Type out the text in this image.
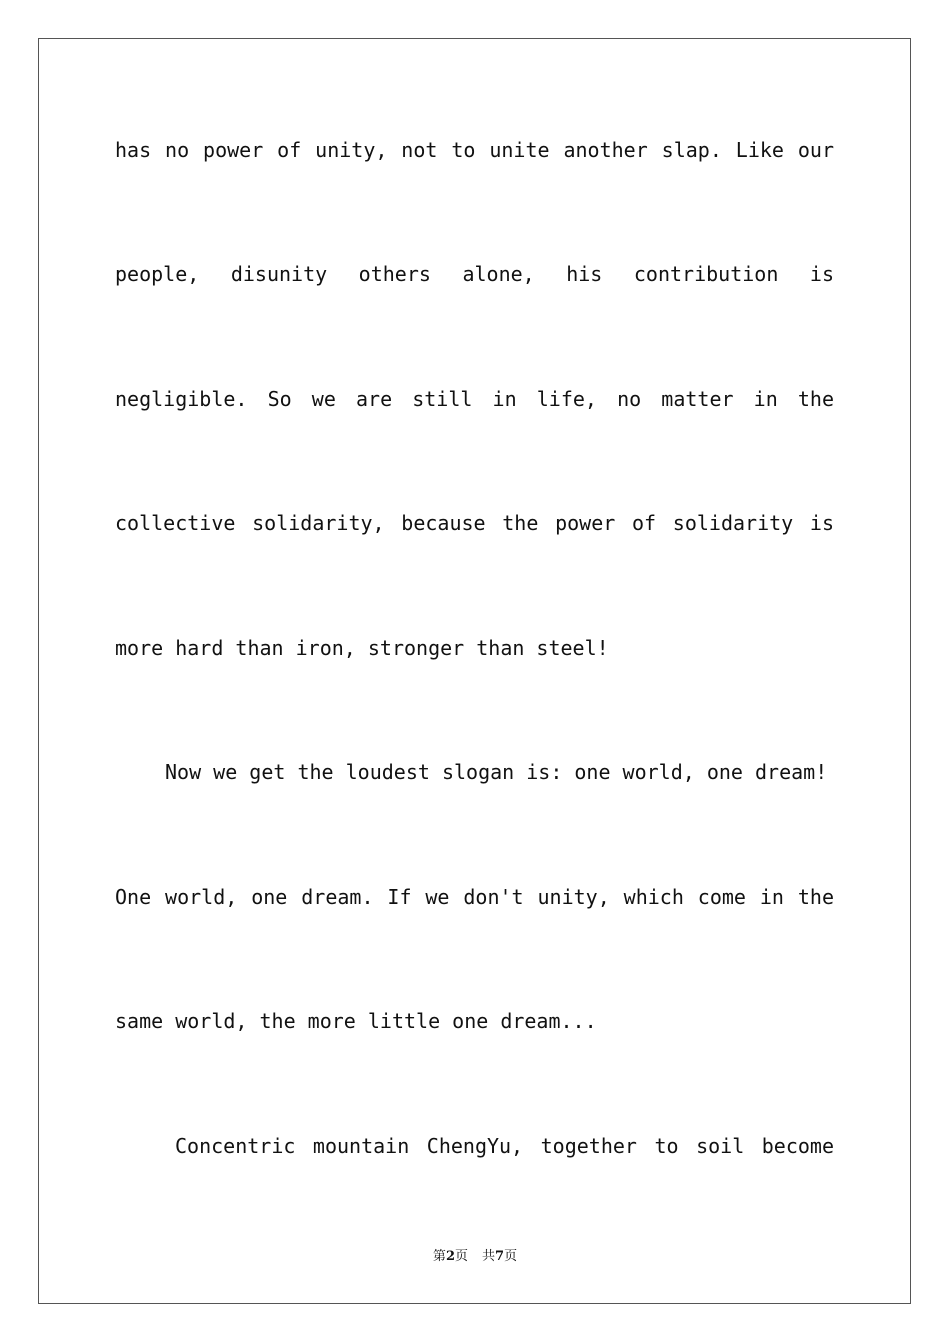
has no power of unity, not to unite another slap. Like our
people, disunity others alone, his contribution is
negligible. So we are still in life, no matter in the
collective solidarity, because the power of solidarity is
more hard than iron, stronger than steel!
Now we get the loudest slogan is: one world, one dream!
One world, one dream. If we don't unity, which come in the
same world, the more little one dream...
Concentric mountain ChengYu, together to soil become
第2页 共7页
